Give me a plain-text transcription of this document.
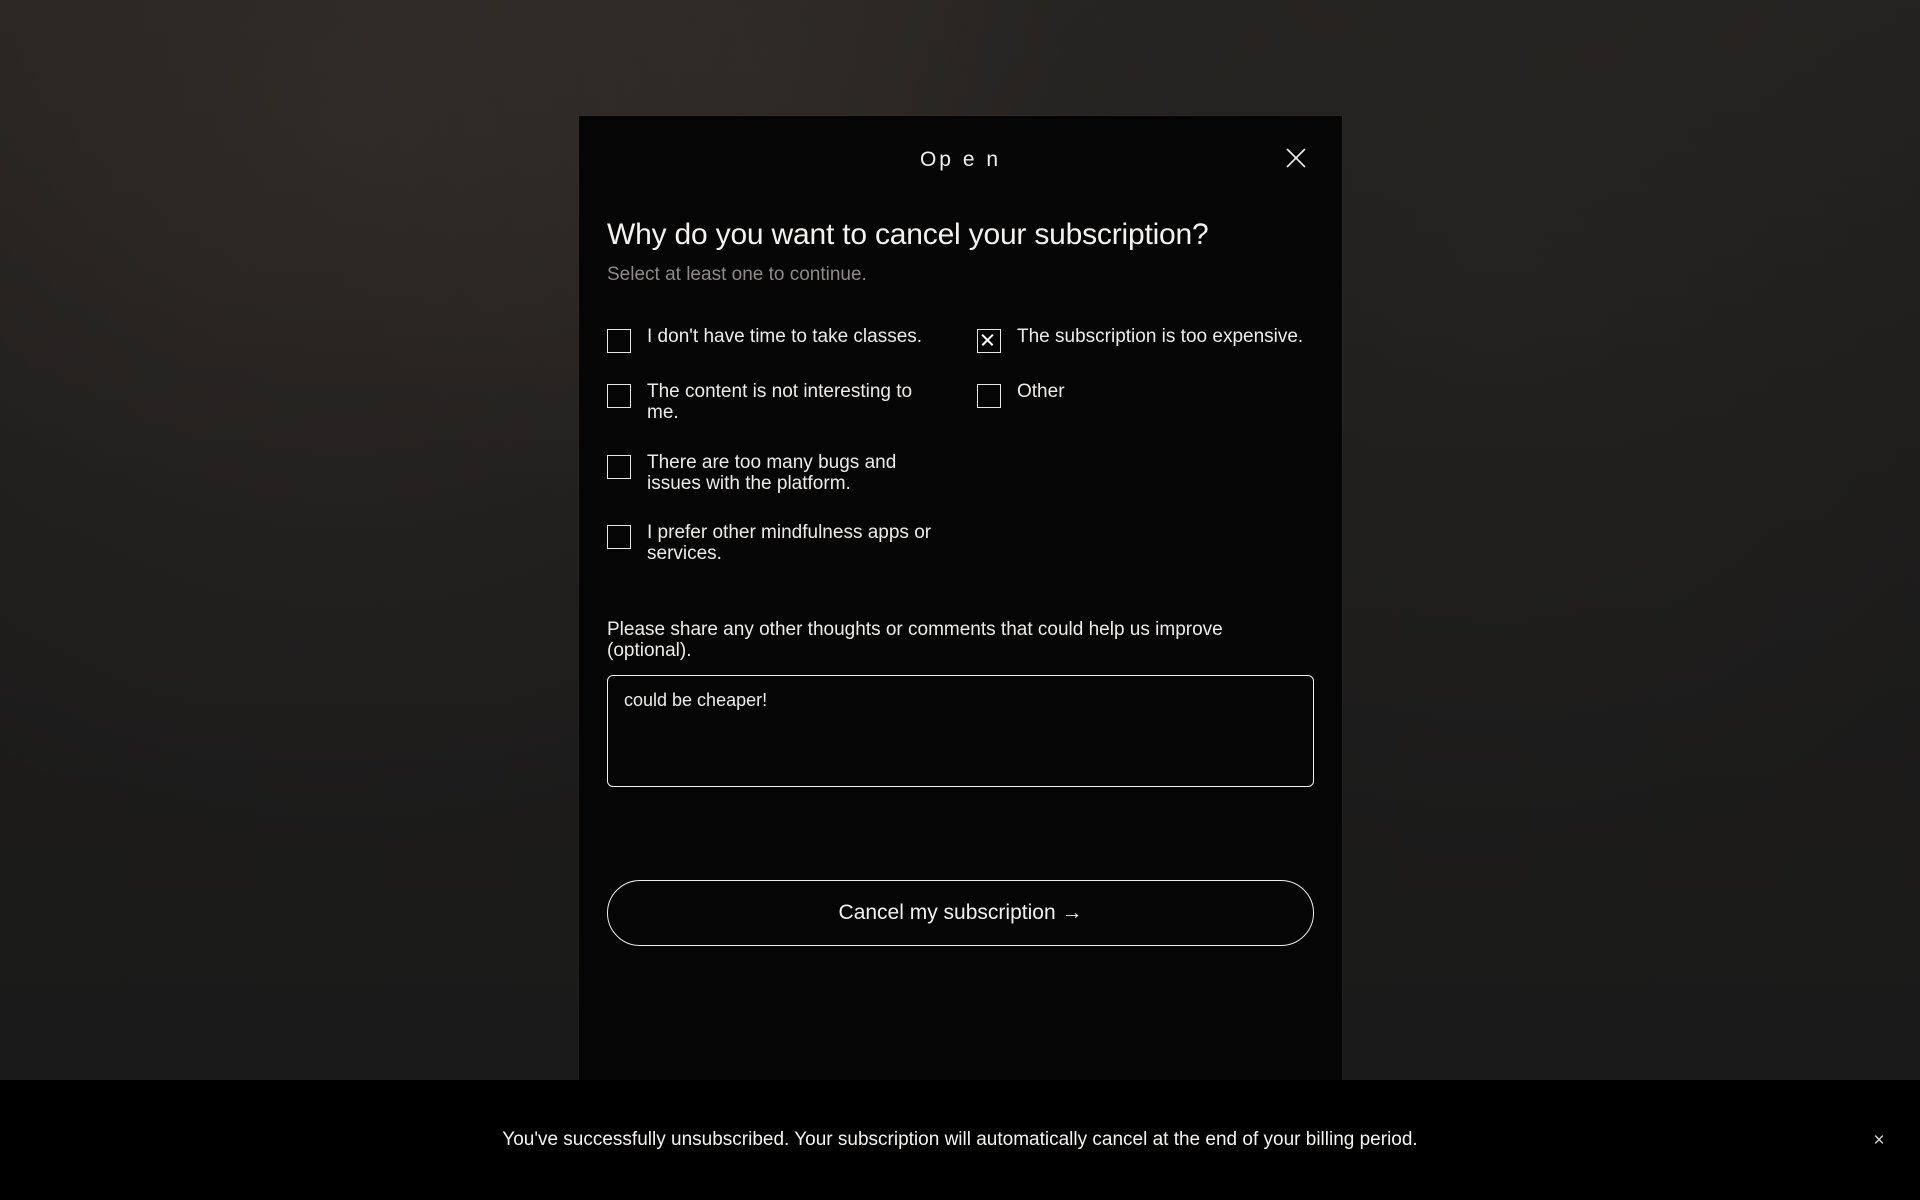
Op e n
Why do you want to cancel your subscription?
Select at least one to continue.
I don't have time to take classes.
The content is not interesting to me.
There are too many bugs and issues with the platform.
I prefer other mindfulness apps or services.
The subscription is too expensive.
Other
Please share any other thoughts or comments that could help us improve (optional).
could be cheaper!
Cancel my subscription →
You've successfully unsubscribed. Your subscription will automatically cancel at the end of your billing period.	×
